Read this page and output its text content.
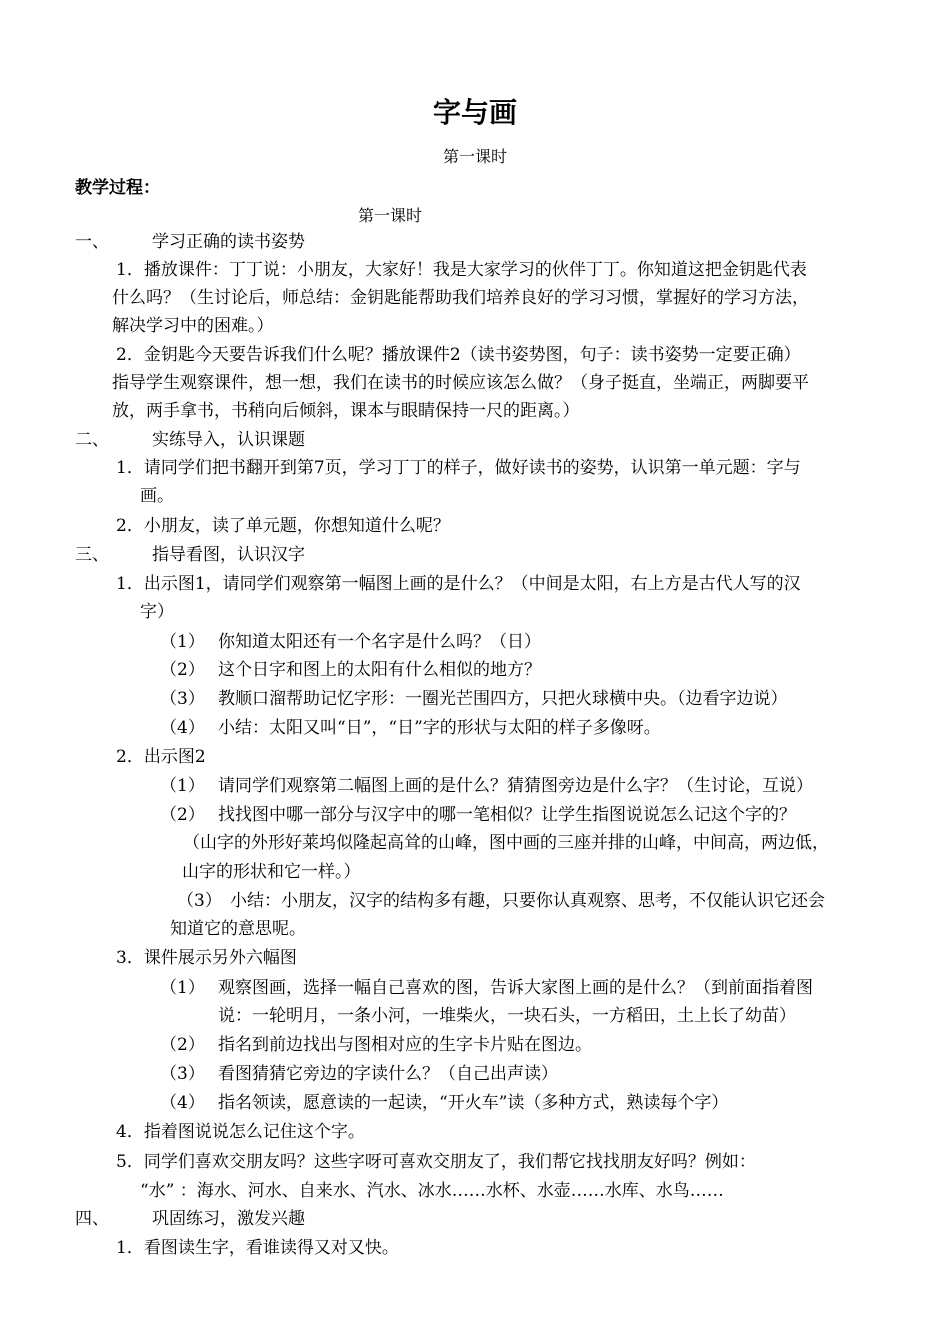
字与画
第一课时
教学过程：
第一课时
一、	学习正确的读书姿势
1．播放课件：丁丁说：小朋友，大家好！我是大家学习的伙伴丁丁。你知道这把金钥匙代表
什么吗？（生讨论后，师总结：金钥匙能帮助我们培养良好的学习习惯，掌握好的学习方法，
解决学习中的困难。）
2．金钥匙今天要告诉我们什么呢？播放课件2（读书姿势图，句子：读书姿势一定要正确）
指导学生观察课件，想一想，我们在读书的时候应该怎么做？（身子挺直，坐端正，两脚要平
放，两手拿书，书稍向后倾斜，课本与眼睛保持一尺的距离。）
二、	实练导入，认识课题
1．请同学们把书翻开到第7页，学习丁丁的样子，做好读书的姿势，认识第一单元题：字与
画。
2．小朋友，读了单元题，你想知道什么呢？
三、	指导看图，认识汉字
1．出示图1，请同学们观察第一幅图上画的是什么？（中间是太阳，右上方是古代人写的汉
字）
（1） 你知道太阳还有一个名字是什么吗？（日）
（2） 这个日字和图上的太阳有什么相似的地方？
（3） 教顺口溜帮助记忆字形：一圈光芒围四方，只把火球横中央。（边看字边说）
（4） 小结：太阳又叫“日”，“日”字的形状与太阳的样子多像呀。
2．出示图2
（1） 请同学们观察第二幅图上画的是什么？猜猜图旁边是什么字？（生讨论，互说）
（2） 找找图中哪一部分与汉字中的哪一笔相似？让学生指图说说怎么记这个字的？
（山字的外形好莱坞似隆起高耸的山峰，图中画的三座并排的山峰，中间高，两边低，
山字的形状和它一样。）
（3） 小结：小朋友，汉字的结构多有趣，只要你认真观察、思考，不仅能认识它还会
知道它的意思呢。
3．课件展示另外六幅图
（1） 观察图画，选择一幅自己喜欢的图，告诉大家图上画的是什么？（到前面指着图
说：一轮明月，一条小河，一堆柴火，一块石头，一方稻田，土上长了幼苗）
（2） 指名到前边找出与图相对应的生字卡片贴在图边。
（3） 看图猜猜它旁边的字读什么？（自己出声读）
（4） 指名领读，愿意读的一起读，“开火车”读（多种方式，熟读每个字）
4．指着图说说怎么记住这个字。
5．同学们喜欢交朋友吗？这些字呀可喜欢交朋友了，我们帮它找找朋友好吗？例如：
“水” ：海水、河水、自来水、汽水、冰水……水杯、水壶……水库、水鸟……
四、	巩固练习，激发兴趣
1．看图读生字，看谁读得又对又快。
